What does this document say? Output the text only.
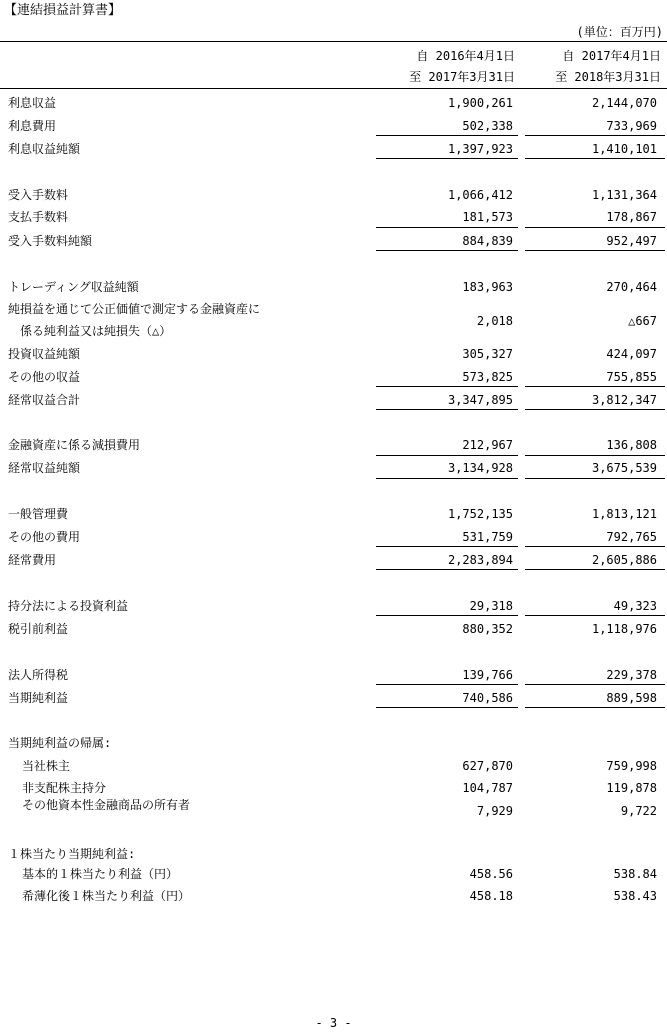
【連結損益計算書】
(単位：百万円)
自 2016年4月1日
至 2017年3月31日
自 2017年4月1日
至 2018年3月31日
利息収益	1,900,261	2,144,070
利息費用	502,338	733,969
利息収益純額	1,397,923	1,410,101
受入手数料	1,066,412	1,131,364
支払手数料	181,573	178,867
受入手数料純額	884,839	952,497
トレーディング収益純額	183,963	270,464
純損益を通じて公正価値で測定する金融資産に
係る純利益又は純損失（△）
2,018	△667
投資収益純額	305,327	424,097
その他の収益	573,825	755,855
経常収益合計	3,347,895	3,812,347
金融資産に係る減損費用	212,967	136,808
経常収益純額	3,134,928	3,675,539
一般管理費	1,752,135	1,813,121
その他の費用	531,759	792,765
経常費用	2,283,894	2,605,886
持分法による投資利益	29,318	49,323
税引前利益	880,352	1,118,976
法人所得税	139,766	229,378
当期純利益	740,586	889,598
当期純利益の帰属:
当社株主	627,870	759,998
非支配株主持分	104,787	119,878
その他資本性金融商品の所有者	7,929	9,722
１株当たり当期純利益:
基本的１株当たり利益（円）	458.56	538.84
希薄化後１株当たり利益（円）	458.18	538.43
- 3 -
